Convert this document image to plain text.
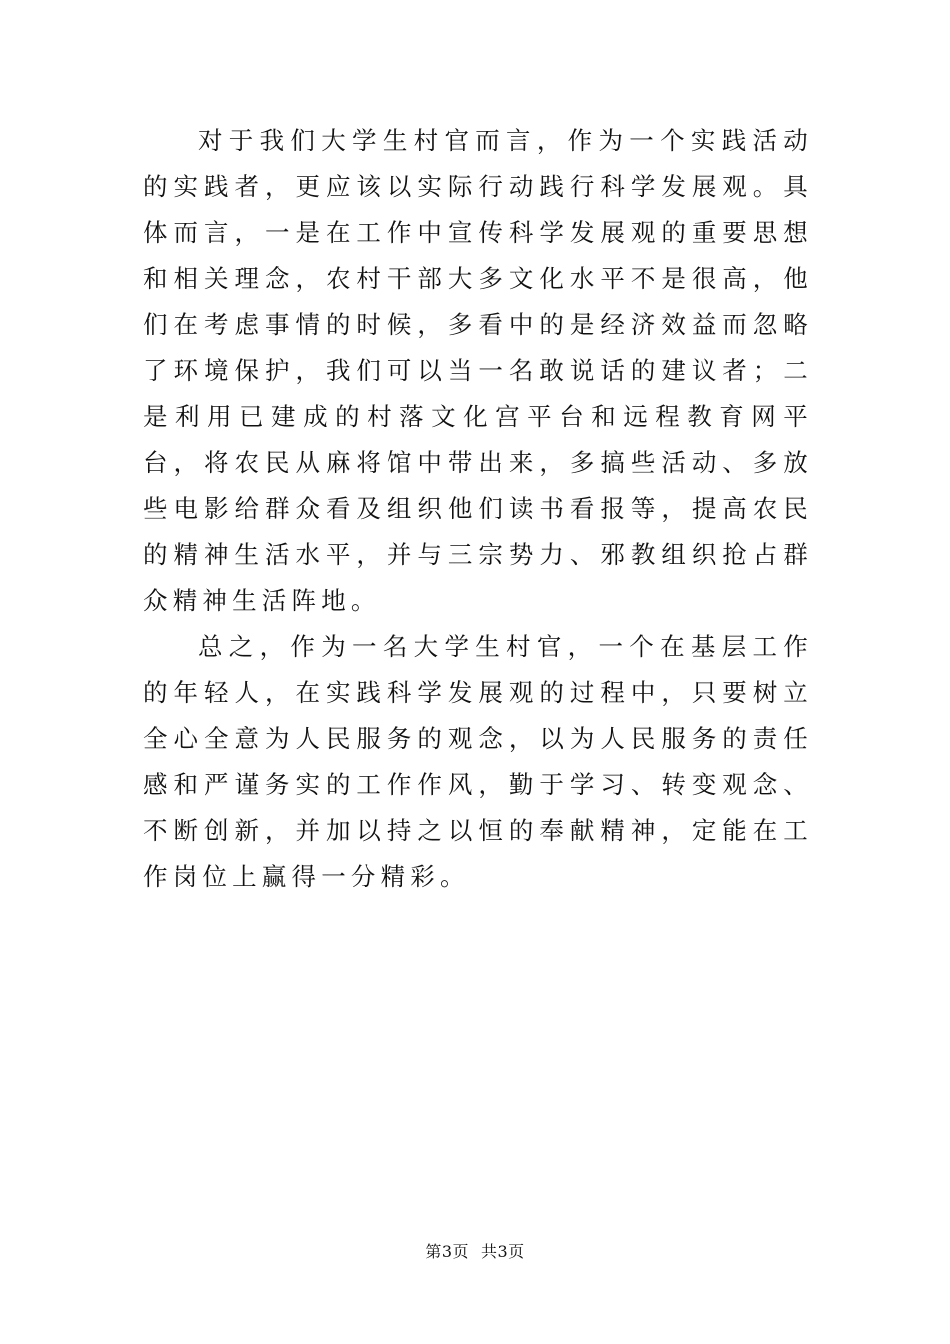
对于我们大学生村官而言，作为一个实践活动的实践者，更应该以实际行动践行科学发展观。具体而言，一是在工作中宣传科学发展观的重要思想和相关理念，农村干部大多文化水平不是很高，他们在考虑事情的时候，多看中的是经济效益而忽略了环境保护，我们可以当一名敢说话的建议者；二是利用已建成的村落文化宫平台和远程教育网平台，将农民从麻将馆中带出来，多搞些活动、多放些电影给群众看及组织他们读书看报等，提高农民的精神生活水平，并与三宗势力、邪教组织抢占群众精神生活阵地。

总之，作为一名大学生村官，一个在基层工作的年轻人，在实践科学发展观的过程中，只要树立全心全意为人民服务的观念，以为人民服务的责任感和严谨务实的工作作风，勤于学习、转变观念、不断创新，并加以持之以恒的奉献精神，定能在工作岗位上赢得一分精彩。

第3页 共3页
